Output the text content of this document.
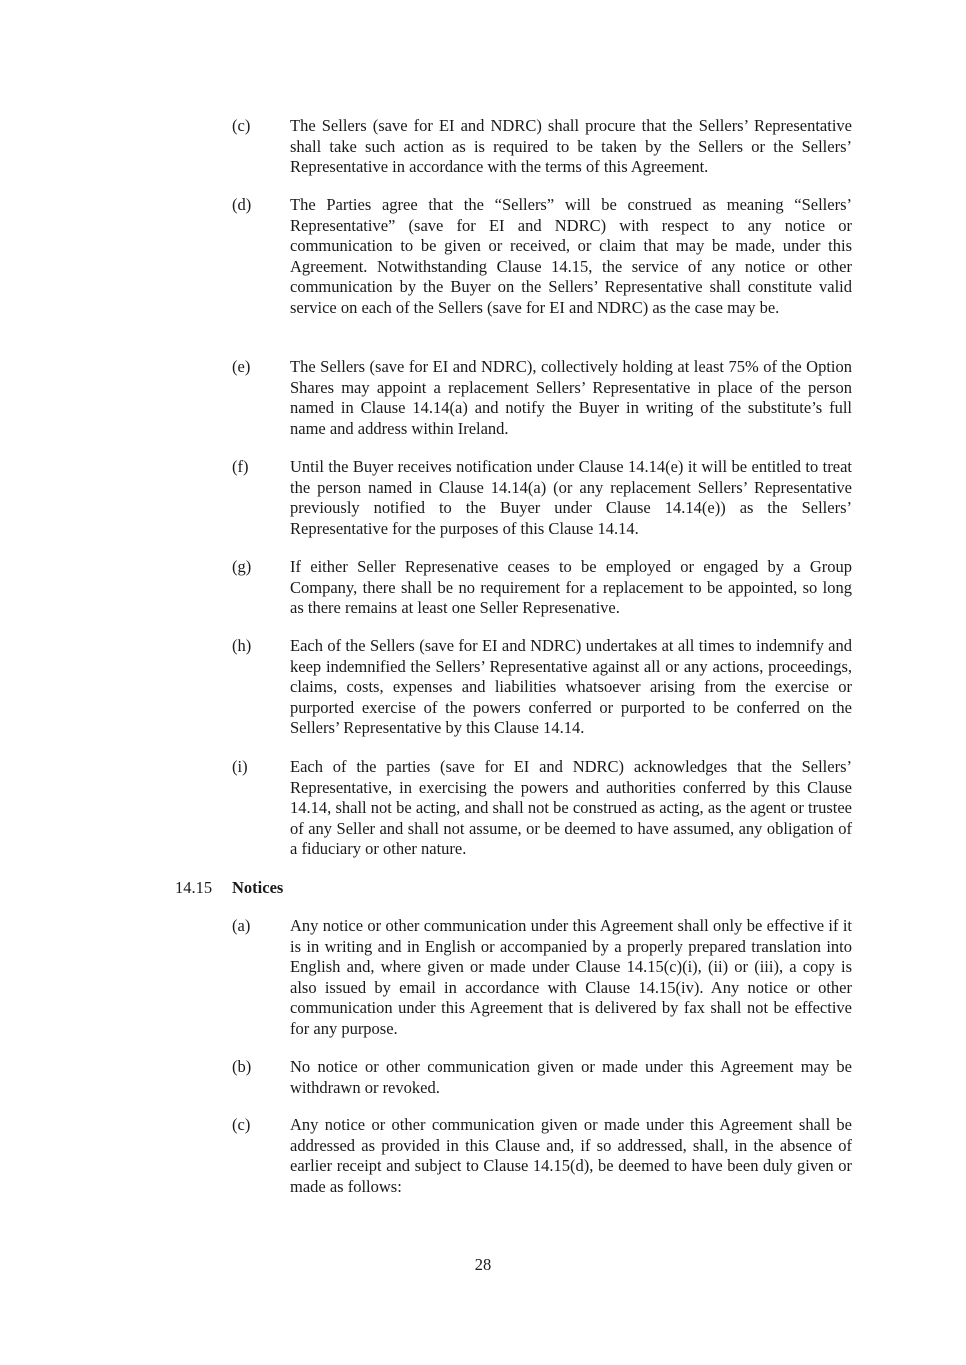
(c) The Sellers (save for EI and NDRC) shall procure that the Sellers’ Representative shall take such action as is required to be taken by the Sellers or the Sellers’ Representative in accordance with the terms of this Agreement.
(d) The Parties agree that the “Sellers” will be construed as meaning “Sellers’ Representative” (save for EI and NDRC) with respect to any notice or communication to be given or received, or claim that may be made, under this Agreement. Notwithstanding Clause 14.15, the service of any notice or other communication by the Buyer on the Sellers’ Representative shall constitute valid service on each of the Sellers (save for EI and NDRC) as the case may be.
(e) The Sellers (save for EI and NDRC), collectively holding at least 75% of the Option Shares may appoint a replacement Sellers’ Representative in place of the person named in Clause 14.14(a) and notify the Buyer in writing of the substitute’s full name and address within Ireland.
(f)	Until the Buyer receives notification under Clause 14.14(e) it will be entitled to treat the person named in Clause 14.14(a) (or any replacement Sellers’ Representative previously notified to the Buyer under Clause 14.14(e)) as the Sellers’ Representative for the purposes of this Clause 14.14.
(g) If either Seller Represenative ceases to be employed or engaged by a Group Company, there shall be no requirement for a replacement to be appointed, so long as there remains at least one Seller Represenative.
(h) Each of the Sellers (save for EI and NDRC) undertakes at all times to indemnify and keep indemnified the Sellers’ Representative against all or any actions, proceedings, claims, costs, expenses and liabilities whatsoever arising from the exercise or purported exercise of the powers conferred or purported to be conferred on the Sellers’ Representative by this Clause 14.14.
(i)	Each of the parties (save for EI and NDRC) acknowledges that the Sellers’ Representative, in exercising the powers and authorities conferred by this Clause 14.14, shall not be acting, and shall not be construed as acting, as the agent or trustee of any Seller and shall not assume, or be deemed to have assumed, any obligation of a fiduciary or other nature.
14.15 Notices
(a) Any notice or other communication under this Agreement shall only be effective if it is in writing and in English or accompanied by a properly prepared translation into English and, where given or made under Clause 14.15(c)(i), (ii) or (iii), a copy is also issued by email in accordance with Clause 14.15(iv). Any notice or other communication under this Agreement that is delivered by fax shall not be effective for any purpose.
(b) No notice or other communication given or made under this Agreement may be withdrawn or revoked.
(c) Any notice or other communication given or made under this Agreement shall be addressed as provided in this Clause and, if so addressed, shall, in the absence of earlier receipt and subject to Clause 14.15(d), be deemed to have been duly given or made as follows:
28
